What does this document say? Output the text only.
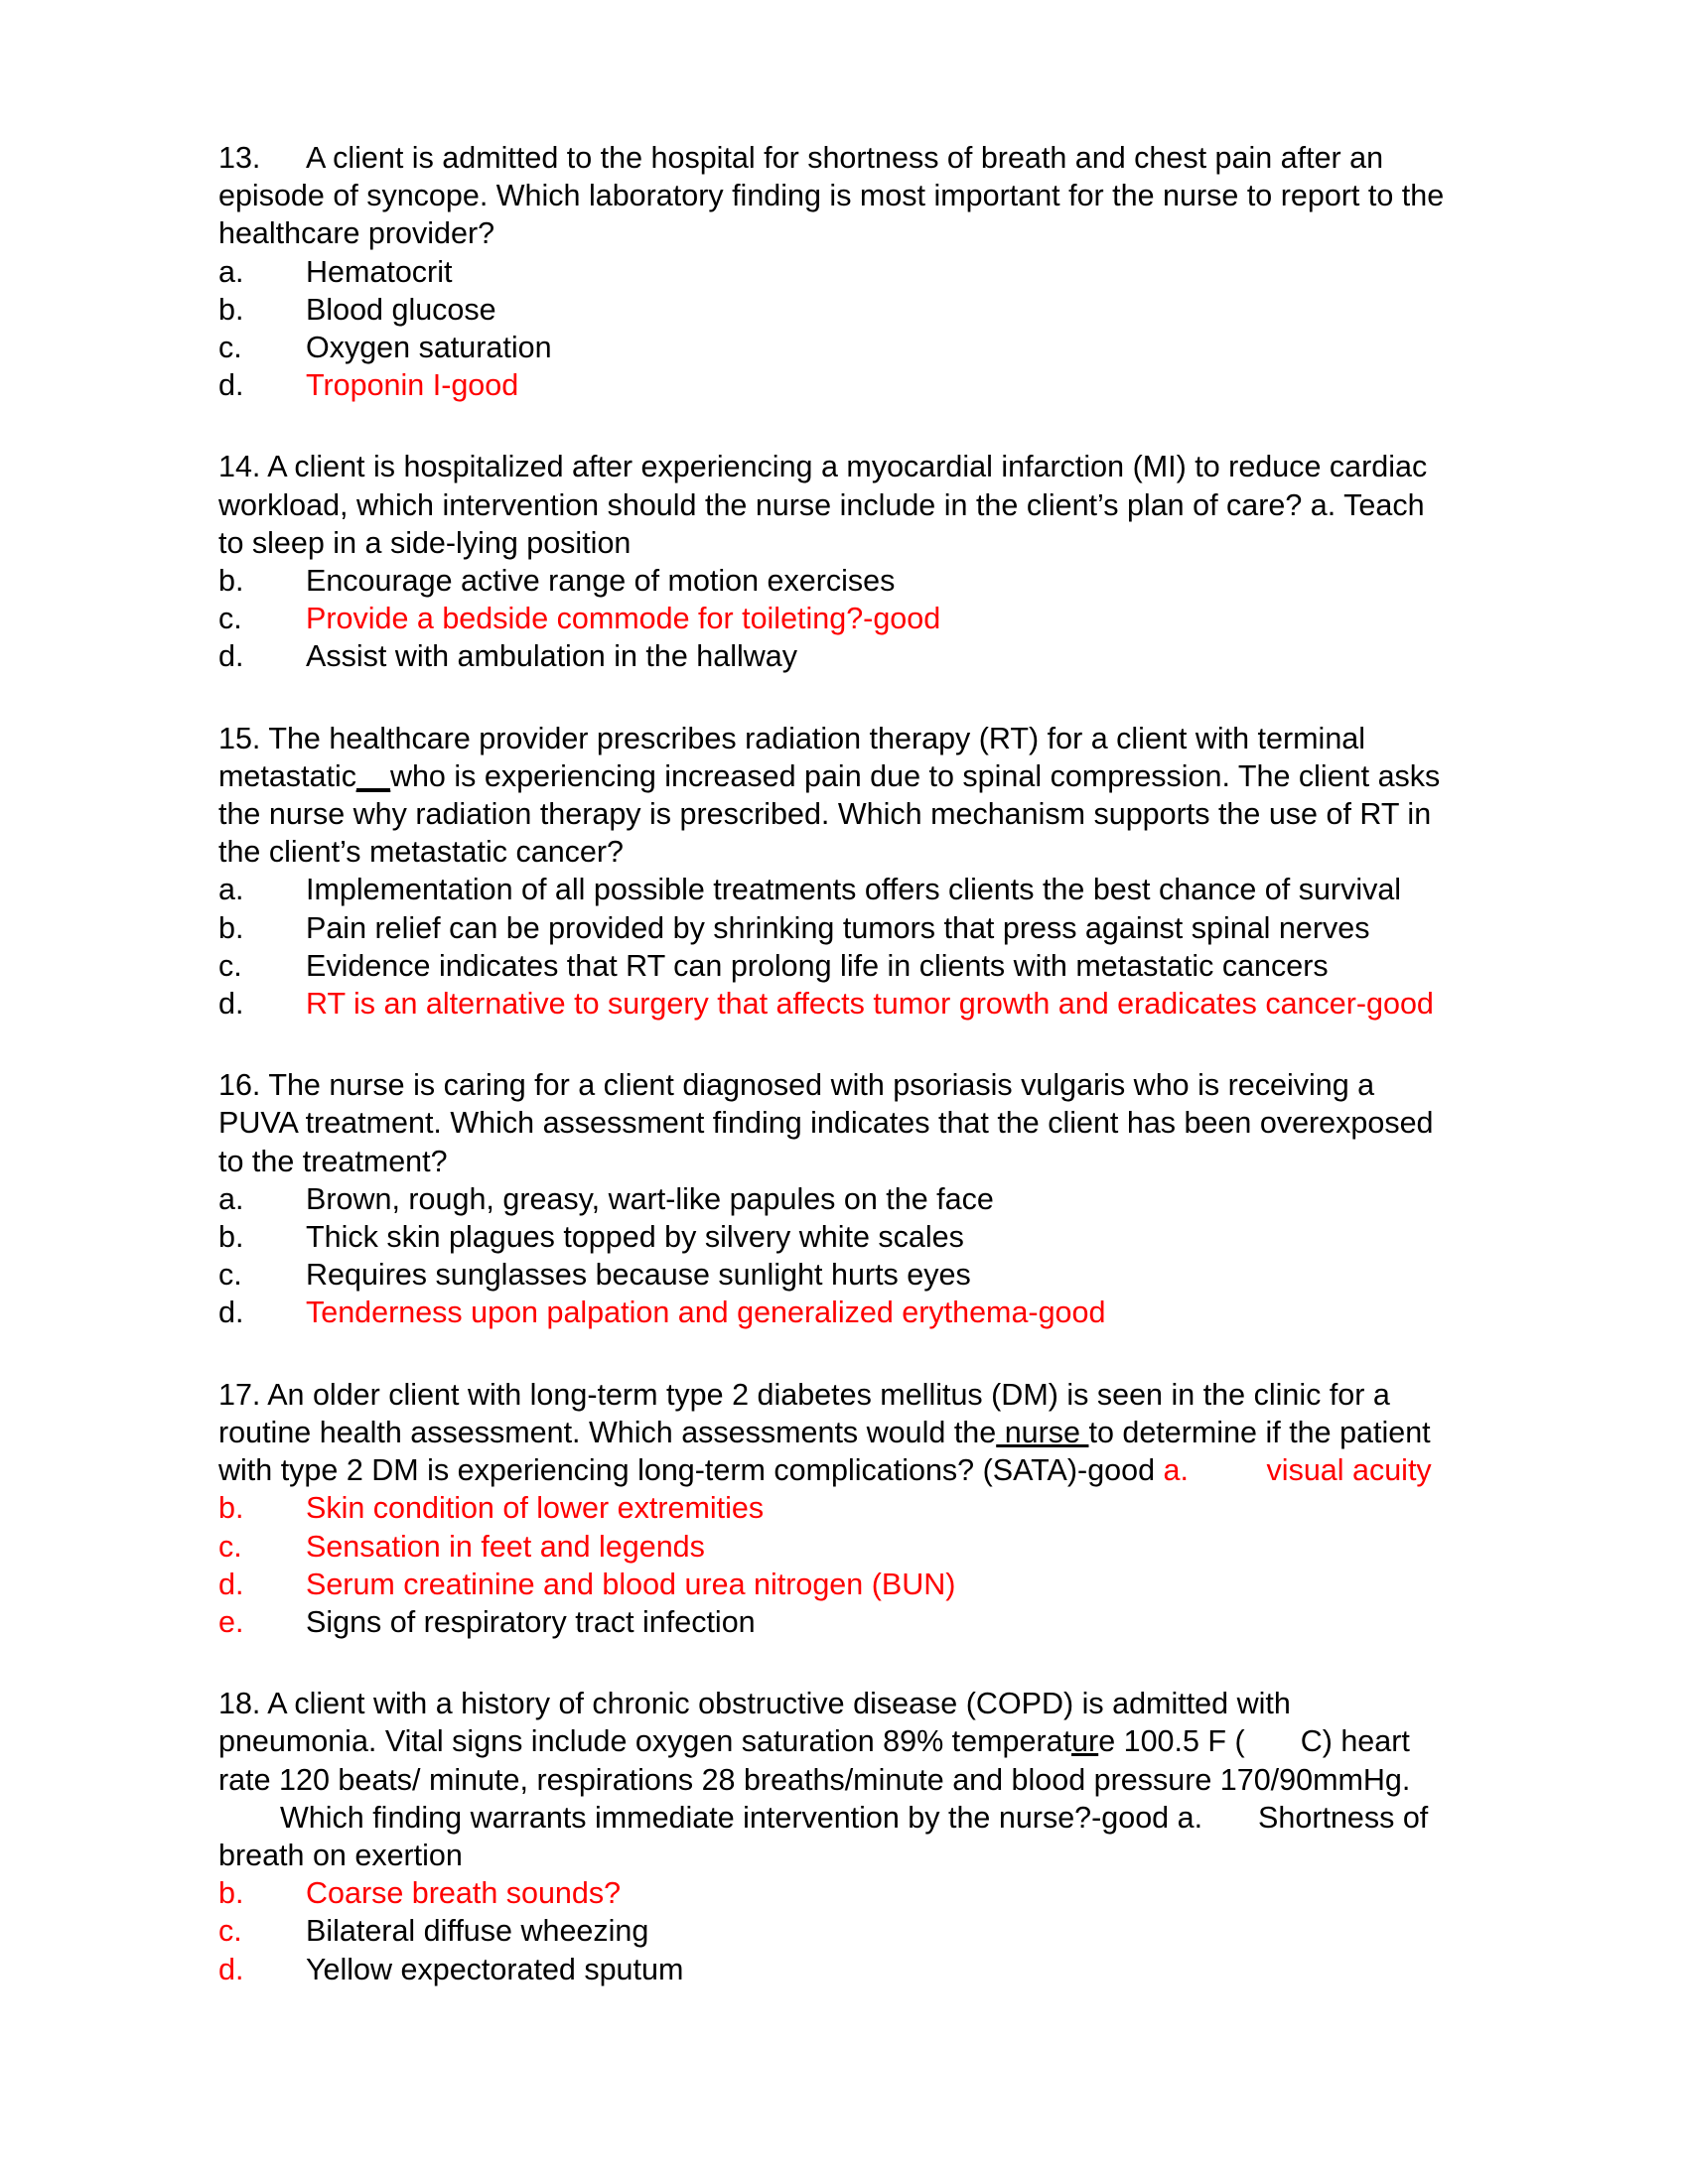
13. A client is admitted to the hospital for shortness of breath and chest pain after an episode of syncope. Which laboratory finding is most important for the nurse to report to the healthcare provider?
a. Hematocrit
b. Blood glucose
c. Oxygen saturation
d. Troponin I-good
14. A client is hospitalized after experiencing a myocardial infarction (MI) to reduce cardiac workload, which intervention should the nurse include in the client’s plan of care? a. Teach to sleep in a side-lying position
b. Encourage active range of motion exercises
c. Provide a bedside commode for toileting?-good
d. Assist with ambulation in the hallway
15. The healthcare provider prescribes radiation therapy (RT) for a client with terminal metastatic__who is experiencing increased pain due to spinal compression. The client asks the nurse why radiation therapy is prescribed. Which mechanism supports the use of RT in the client’s metastatic cancer?
a. Implementation of all possible treatments offers clients the best chance of survival
b. Pain relief can be provided by shrinking tumors that press against spinal nerves
c. Evidence indicates that RT can prolong life in clients with metastatic cancers
d. RT is an alternative to surgery that affects tumor growth and eradicates cancer-good
16. The nurse is caring for a client diagnosed with psoriasis vulgaris who is receiving a PUVA treatment. Which assessment finding indicates that the client has been overexposed to the treatment?
a. Brown, rough, greasy, wart-like papules on the face
b. Thick skin plagues topped by silvery white scales
c. Requires sunglasses because sunlight hurts eyes
d. Tenderness upon palpation and generalized erythema-good
17. An older client with long-term type 2 diabetes mellitus (DM) is seen in the clinic for a routine health assessment. Which assessments would the nurse to determine if the patient with type 2 DM is experiencing long-term complications? (SATA)-good a.	visual acuity
b. Skin condition of lower extremities
c. Sensation in feet and legends
d. Serum creatinine and blood urea nitrogen (BUN)
e. Signs of respiratory tract infection
18. A client with a history of chronic obstructive disease (COPD) is admitted with pneumonia. Vital signs include oxygen saturation 89% temperature 100.5 F ( C) heart rate 120 beats/ minute, respirations 28 breaths/minute and blood pressure 170/90mmHg.Which finding warrants immediate intervention by the nurse?-good a. Shortness of breath on exertion
b. Coarse breath sounds?
c. Bilateral diffuse wheezing
d. Yellow expectorated sputum
